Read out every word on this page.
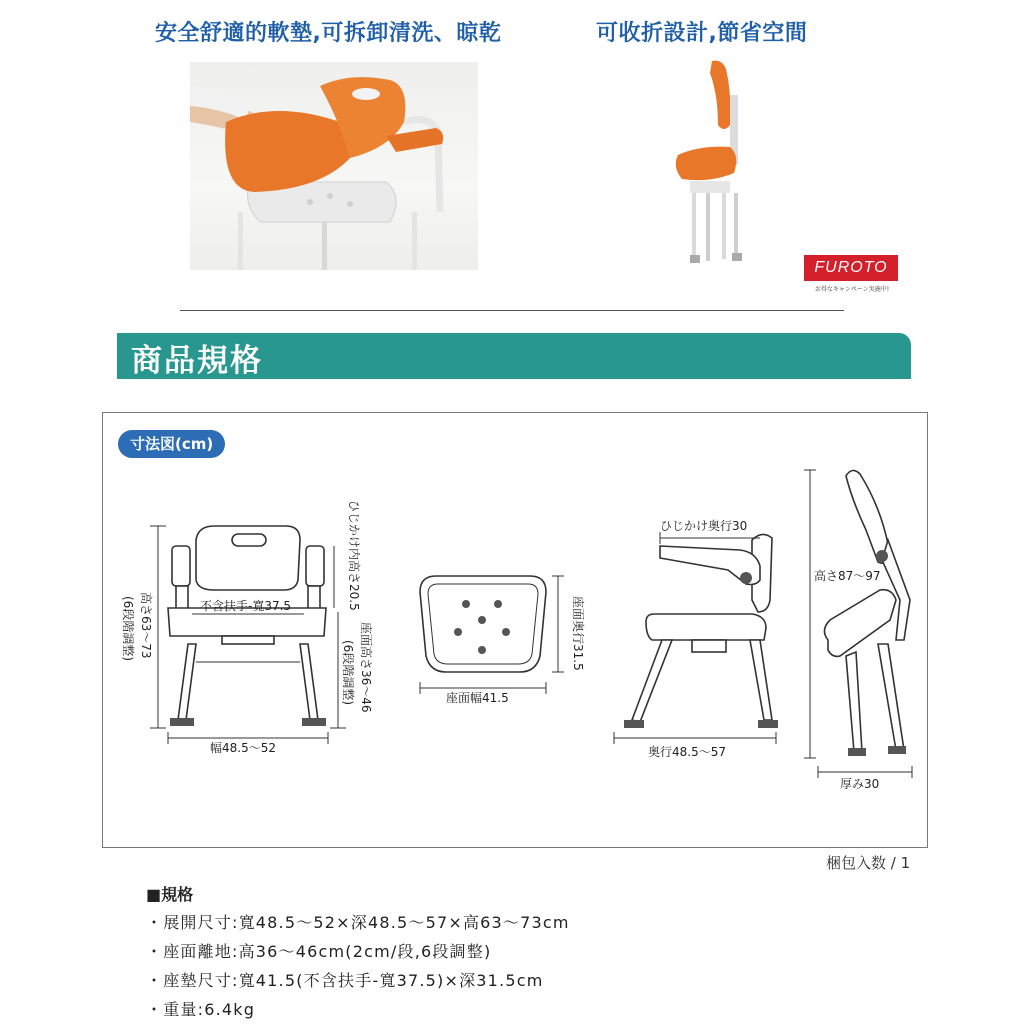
安全舒適的軟墊,可拆卸清洗、晾乾	可收折設計,節省空間
FUROTO
お得なキャンペーン実施中!
商品規格
寸法図(cm)
不含扶手-寬37.5
幅48.5〜52
高さ63〜73
(6段階調整)
ひじかけ内高さ20.5
座面高さ36〜46
(6段階調整)	座面幅41.5
座面奥行31.5
ひじかけ奥行30
奥行48.5〜57
高さ87〜97
厚み30
梱包入数 / 1
■規格
・展開尺寸:寬48.5〜52×深48.5〜57×高63〜73cm
・座面離地:高36〜46cm(2cm/段,6段調整)
・座墊尺寸:寬41.5(不含扶手-寬37.5)×深31.5cm
・重量:6.4kg
